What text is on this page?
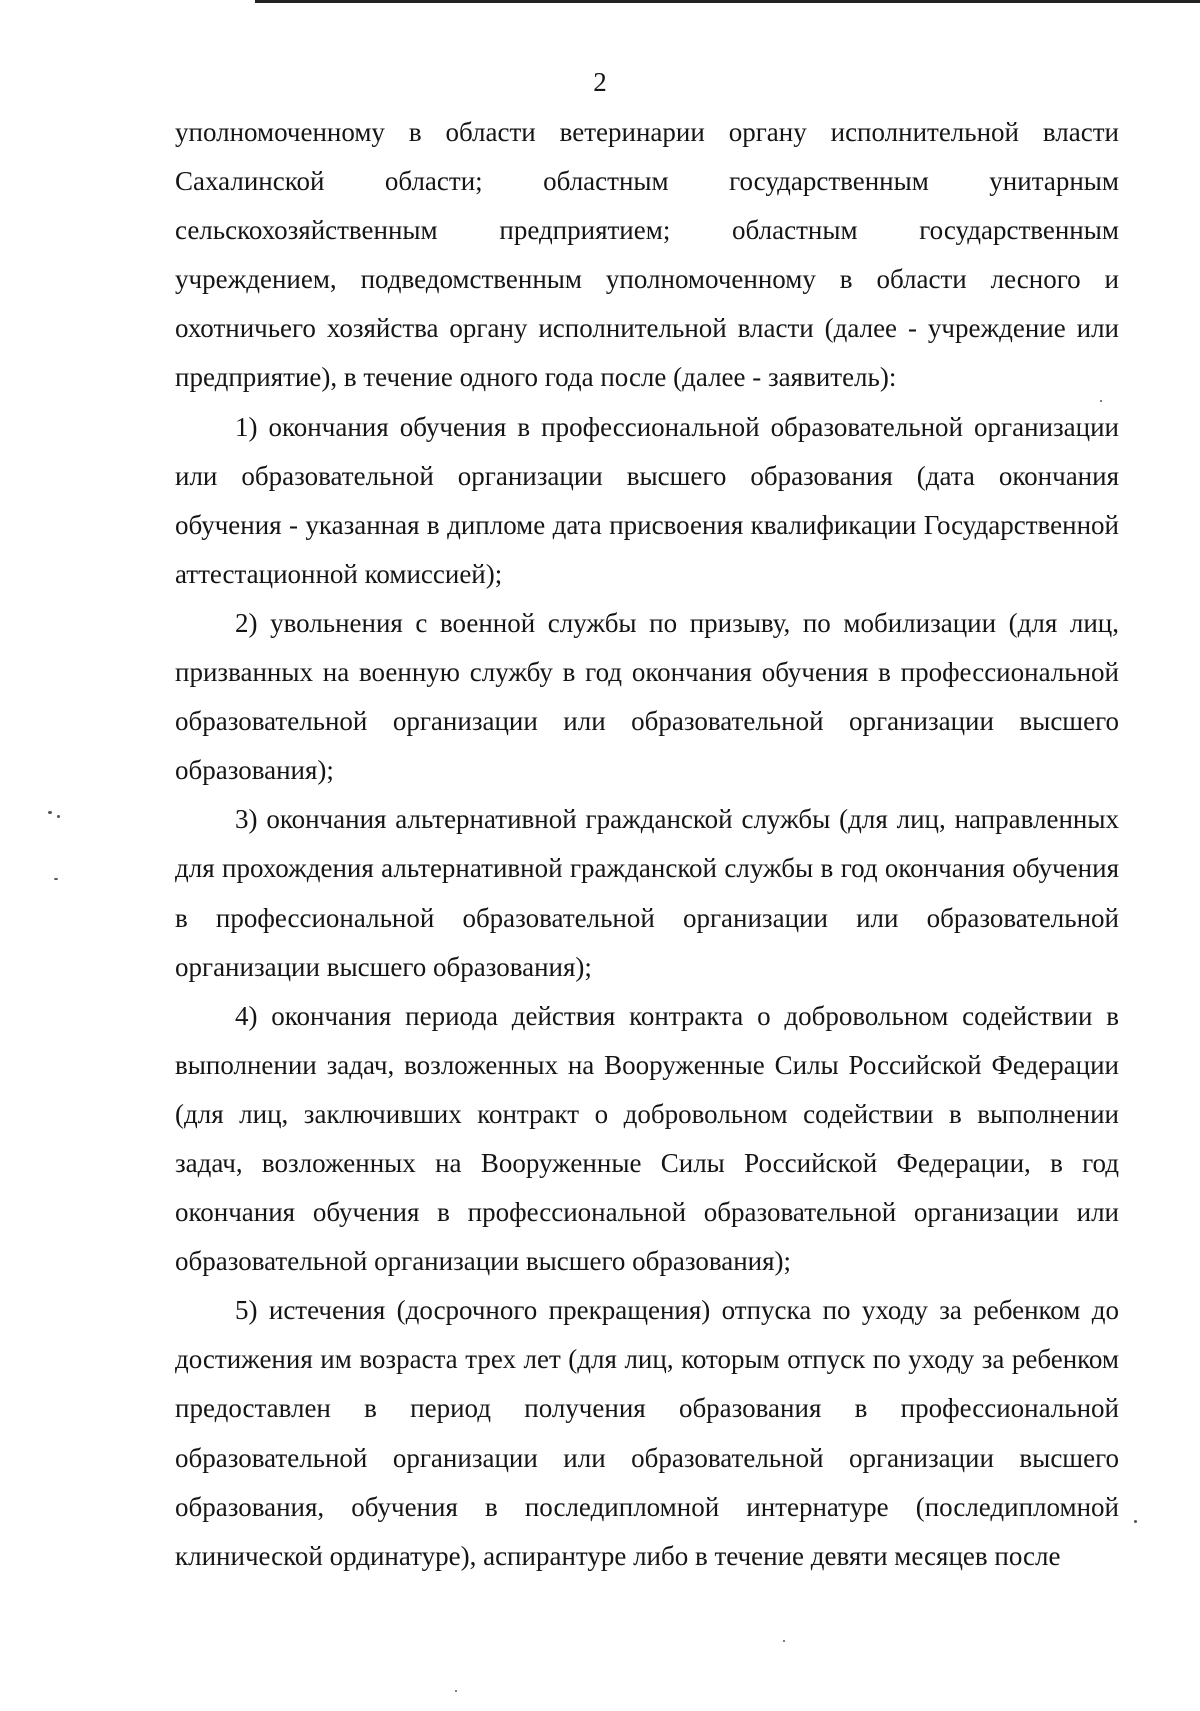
2

уполномоченному в области ветеринарии органу исполнительной власти Сахалинской области; областным государственным унитарным сельскохозяйственным предприятием; областным государственным учреждением, подведомственным уполномоченному в области лесного и охотничьего хозяйства органу исполнительной власти (далее - учреждение или предприятие), в течение одного года после (далее - заявитель):

1) окончания обучения в профессиональной образовательной организации или образовательной организации высшего образования (дата окончания обучения - указанная в дипломе дата присвоения квалификации Государственной аттестационной комиссией);

2) увольнения с военной службы по призыву, по мобилизации (для лиц, призванных на военную службу в год окончания обучения в профессиональной образовательной организации или образовательной организации высшего образования);

3) окончания альтернативной гражданской службы (для лиц, направленных для прохождения альтернативной гражданской службы в год окончания обучения в профессиональной образовательной организации или образовательной организации высшего образования);

4) окончания периода действия контракта о добровольном содействии в выполнении задач, возложенных на Вооруженные Силы Российской Федерации (для лиц, заключивших контракт о добровольном содействии в выполнении задач, возложенных на Вооруженные Силы Российской Федерации, в год окончания обучения в профессиональной образовательной организации или образовательной организации высшего образования);

5) истечения (досрочного прекращения) отпуска по уходу за ребенком до достижения им возраста трех лет (для лиц, которым отпуск по уходу за ребенком предоставлен в период получения образования в профессиональной образовательной организации или образовательной организации высшего образования, обучения в последипломной интернатуре (последипломной клинической ординатуре), аспирантуре либо в течение девяти месяцев после
